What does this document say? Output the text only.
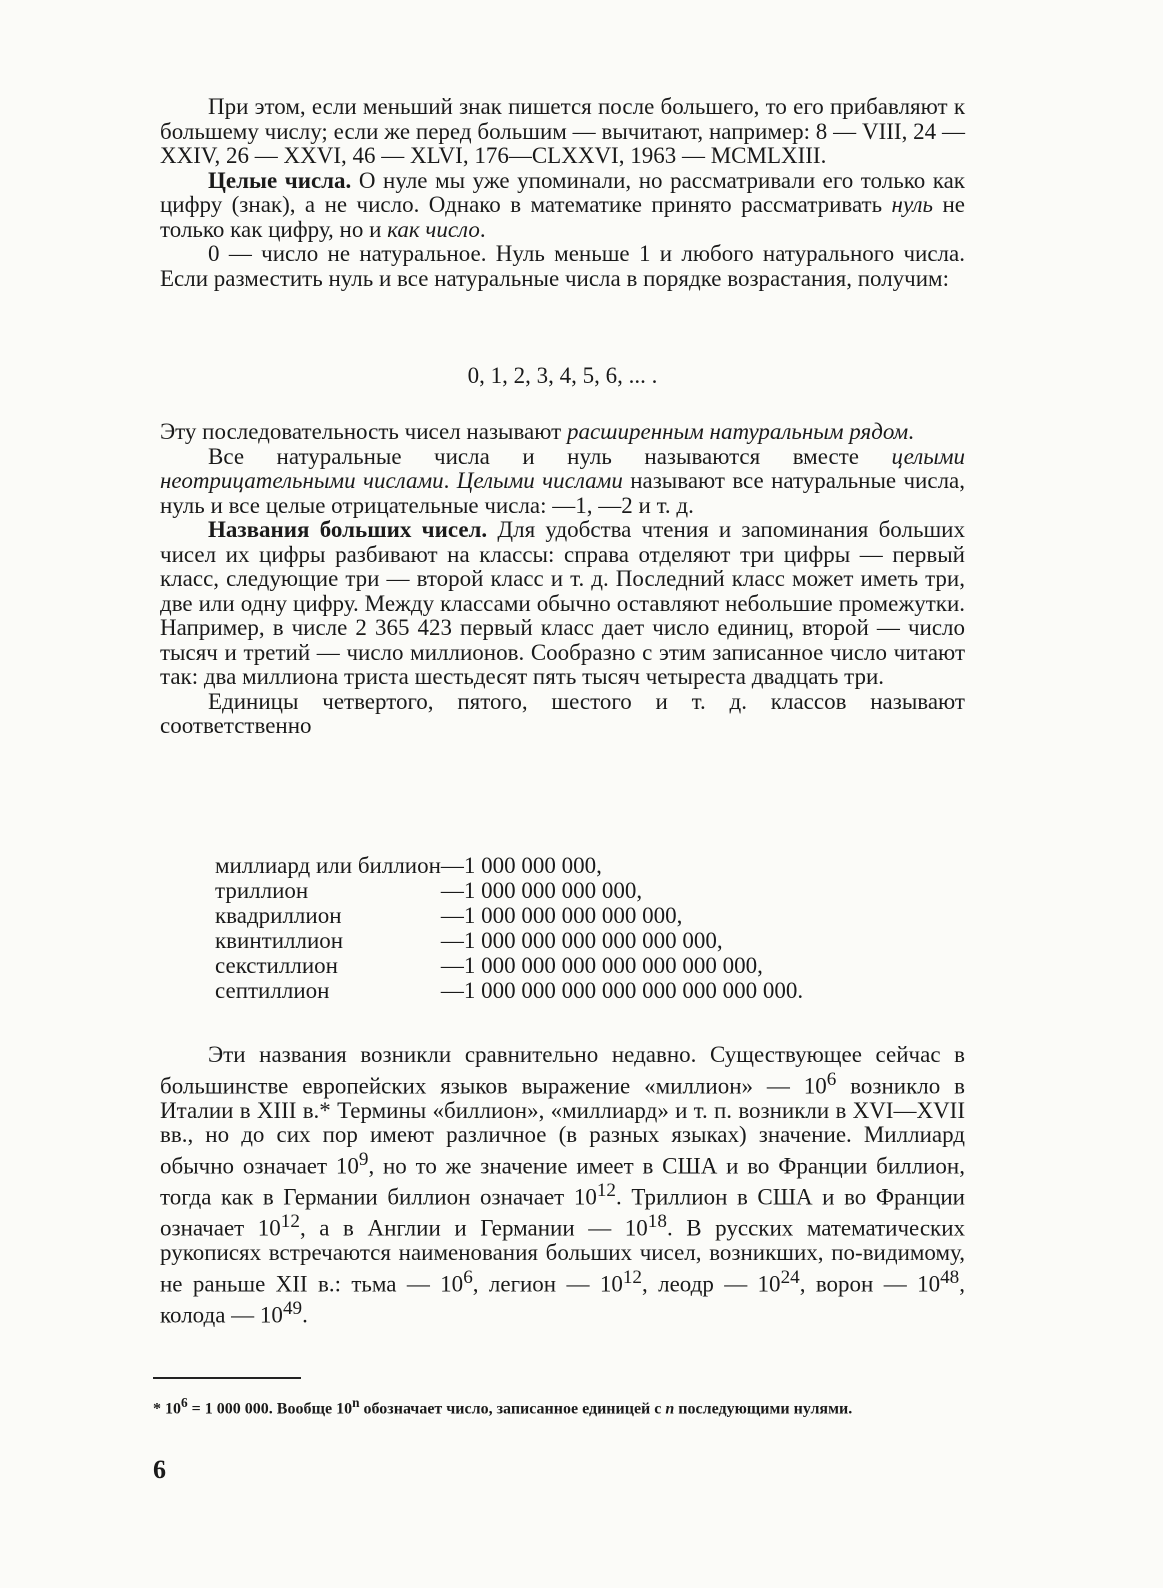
При этом, если меньший знак пишется после большего, то его прибавляют к большему числу; если же перед большим — вычитают, например: 8 — VIII, 24 — XXIV, 26 — XXVI, 46 — XLVI, 176—CLXXVI, 1963 — MCMLXIII.

Целые числа. О нуле мы уже упоминали, но рассматривали его только как цифру (знак), а не число. Однако в математике принято рассматривать нуль не только как цифру, но и как число.

0 — число не натуральное. Нуль меньше 1 и любого натурального числа. Если разместить нуль и все натуральные числа в порядке возрастания, получим:

0, 1, 2, 3, 4, 5, 6, ... .

Эту последовательность чисел называют расширенным натуральным рядом.

Все натуральные числа и нуль называются вместе целыми неотрицательными числами. Целыми числами называют все натуральные числа, нуль и все целые отрицательные числа: —1, —2 и т. д.

Названия больших чисел. Для удобства чтения и запоминания больших чисел их цифры разбивают на классы: справа отделяют три цифры — первый класс, следующие три — второй класс и т. д. Последний класс может иметь три, две или одну цифру. Между классами обычно оставляют небольшие промежутки. Например, в числе 2 365 423 первый класс дает число единиц, второй — число тысяч и третий — число миллионов. Сообразно с этим записанное число читают так: два миллиона триста шестьдесят пять тысяч четыреста двадцать три.

Единицы четвертого, пятого, шестого и т. д. классов называют соответственно

миллиард или биллион	—	1 000 000 000,
триллион	—	1 000 000 000 000,
квадриллион	—	1 000 000 000 000 000,
квинтиллион	—	1 000 000 000 000 000 000,
секстиллион	—	1 000 000 000 000 000 000 000,
септиллион	—	1 000 000 000 000 000 000 000 000.

Эти названия возникли сравнительно недавно. Существующее сейчас в большинстве европейских языков выражение «миллион» — $10^6$ возникло в Италии в XIII в.* Термины «биллион», «миллиард» и т. п. возникли в XVI—XVII вв., но до сих пор имеют различное (в разных языках) значение. Миллиард обычно означает $10^9$, но то же значение имеет в США и во Франции биллион, тогда как в Германии биллион означает $10^{12}$. Триллион в США и во Франции означает $10^{12}$, а в Англии и Германии — $10^{18}$. В русских математических рукописях встречаются наименования больших чисел, возникших, по-видимому, не раньше XII в.: тьма — $10^6$, легион — $10^{12}$, леодр — $10^{24}$, ворон — $10^{48}$, колода — $10^{49}$.

* $10^6 = 1$ 000 000. Вообще 10$^n$ обозначает число, записанное единицей с n последующими нулями.
6
